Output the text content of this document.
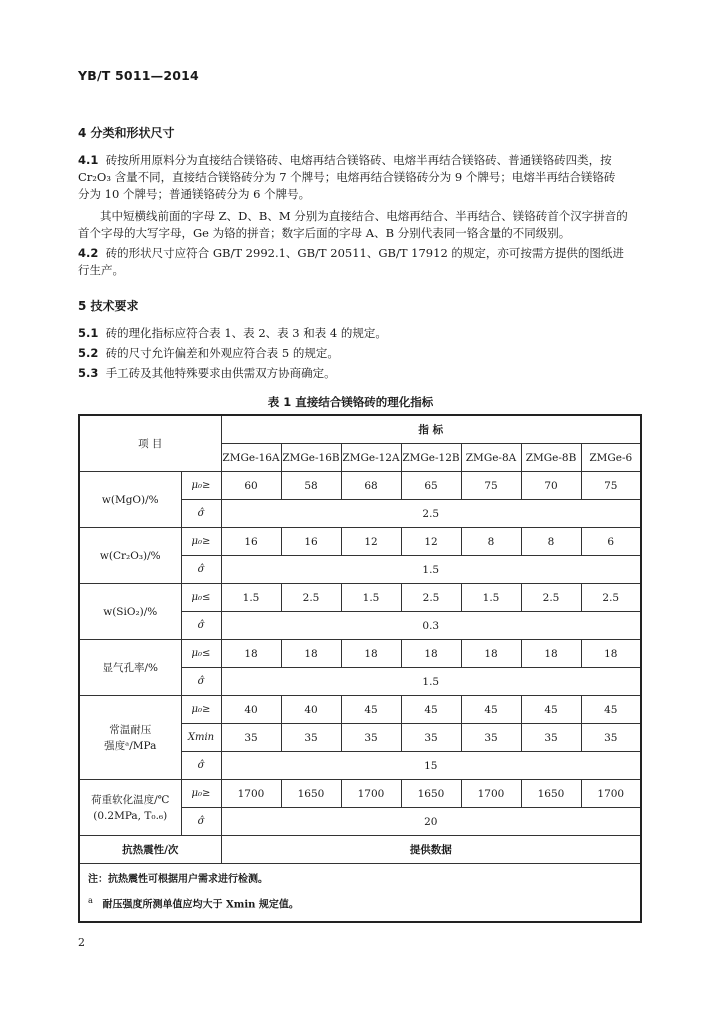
YB/T 5011—2014
4 分类和形状尺寸
4.1 砖按所用原料分为直接结合镁铬砖、电熔再结合镁铬砖、电熔半再结合镁铬砖、普通镁铬砖四类，按
Cr₂O₃ 含量不同，直接结合镁铬砖分为 7 个牌号；电熔再结合镁铬砖分为 9 个牌号；电熔半再结合镁铬砖
分为 10 个牌号；普通镁铬砖分为 6 个牌号。
其中短横线前面的字母 Z、D、B、M 分别为直接结合、电熔再结合、半再结合、镁铬砖首个汉字拼音的
首个字母的大写字母，Ge 为铬的拼音；数字后面的字母 A、B 分别代表同一铬含量的不同级别。
4.2 砖的形状尺寸应符合 GB/T 2992.1、GB/T 20511、GB/T 17912 的规定，亦可按需方提供的图纸进
行生产。
5 技术要求
5.1 砖的理化指标应符合表 1、表 2、表 3 和表 4 的规定。
5.2 砖的尺寸允许偏差和外观应符合表 5 的规定。
5.3 手工砖及其他特殊要求由供需双方协商确定。
表 1 直接结合镁铬砖的理化指标
项 目		指 标						
		ZMGe-16A	ZMGe-16B	ZMGe-12A	ZMGe-12B	ZMGe-8A	ZMGe-8B	ZMGe-6
w(MgO)/%	μ₀≥	60	58	68	65	75	70	75
	σ̂	2.5						
w(Cr₂O₃)/%	μ₀≥	16	16	12	12	8	8	6
	σ̂	1.5						
w(SiO₂)/%	μ₀≤	1.5	2.5	1.5	2.5	1.5	2.5	2.5
	σ̂	0.3						
显气孔率/%	μ₀≤	18	18	18	18	18	18	18
	σ̂	1.5						
常温耐压
强度ᵃ/MPa	μ₀≥	40	40	45	45	45	45	45
	Xmin	35	35	35	35	35	35	35
	σ̂	15						
荷重软化温度/℃
(0.2MPa, T₀.₆)	μ₀≥	1700	1650	1700	1650	1700	1650	1700
	σ̂	20						
抗热震性/次		提供数据						

注：抗热震性可根据用户需求进行检测。
$^a$ 耐压强度所测单值应均大于 Xmin 规定值。								
2
